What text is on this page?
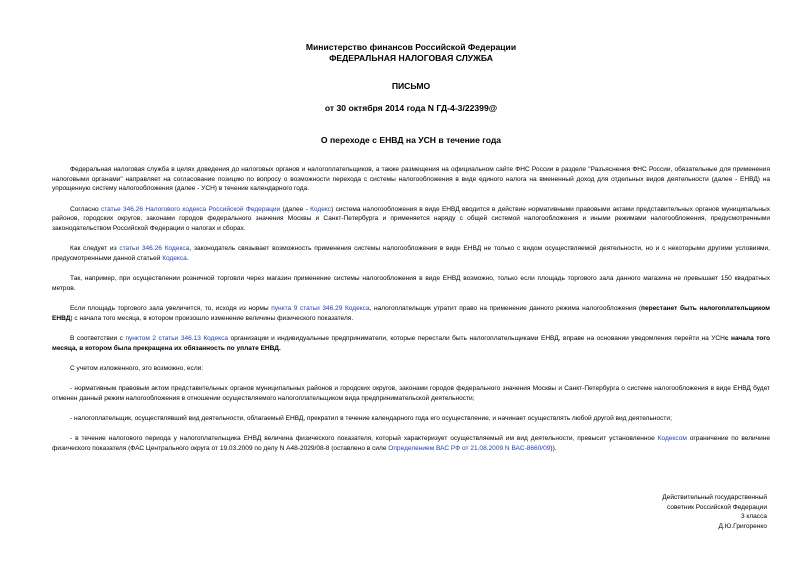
Министерство финансов Российской Федерации
ФЕДЕРАЛЬНАЯ НАЛОГОВАЯ СЛУЖБА
ПИСЬМО
от 30 октября 2014 года N ГД-4-3/22399@
О переходе с ЕНВД на УСН в течение года

Федеральная налоговая служба в целях доведения до налоговых органов и налогоплательщиков, а также размещения на официальном сайте ФНС России в разделе "Разъяснения ФНС России, обязательные для применения налоговыми органами" направляет на согласование позицию по вопросу о возможности перехода с системы налогообложения в виде единого налога на вмененный доход для отдельных видов деятельности (далее - ЕНВД) на упрощенную систему налогообложения (далее - УСН) в течение календарного года.

Согласно статье 346.26 Налогового кодекса Российской Федерации (далее - Кодекс) система налогообложения в виде ЕНВД вводится в действие нормативными правовыми актами представительных органов муниципальных районов, городских округов, законами городов федерального значения Москвы и Санкт-Петербурга и применяется наряду с общей системой налогообложения и иными режимами налогообложения, предусмотренными законодательством Российской Федерации о налогах и сборах.

Как следует из статьи 346.26 Кодекса, законодатель связывает возможность применения системы налогообложения в виде ЕНВД не только с видом осуществляемой деятельности, но и с некоторыми другими условиями, предусмотренными данной статьей Кодекса.

Так, например, при осуществлении розничной торговли через магазин применение системы налогообложения в виде ЕНВД возможно, только если площадь торгового зала данного магазина не превышает 150 квадратных метров.

Если площадь торгового зала увеличится, то, исходя из нормы пункта 9 статьи 346.29 Кодекса, налогоплательщик утратит право на применение данного режима налогообложения (перестанет быть налогоплательщиком ЕНВД) с начала того месяца, в котором произошло изменение величины физического показателя.

В соответствии с пунктом 2 статьи 346.13 Кодекса организации и индивидуальные предприниматели, которые перестали быть налогоплательщиками ЕНВД, вправе на основании уведомления перейти на УСНс начала того месяца, в котором была прекращена их обязанность по уплате ЕНВД.

С учетом изложенного, это возможно, если:

- нормативным правовым актом представительных органов муниципальных районов и городских округов, законами городов федерального значения Москвы и Санкт-Петербурга о системе налогообложения в виде ЕНВД будет отменен данный режим налогообложения в отношении осуществляемого налогоплательщиком вида предпринимательской деятельности;

- налогоплательщик, осуществлявший вид деятельности, облагаемый ЕНВД, прекратил в течение календарного года его осуществление, и начинает осуществлять любой другой вид деятельности;

- в течение налогового периода у налогоплательщика ЕНВД величина физического показателя, который характеризует осуществляемый им вид деятельности, превысит установленное Кодексом ограничение по величине физического показателя (ФАС Центрального округа от 19.03.2009 по делу N А48-2029/08-8 (оставлено в силе Определением ВАС РФ от 21.08.2009 N ВАС-8660/09)).

Действительный государственный
советник Российской Федерации
3 класса
Д.Ю.Григоренко
